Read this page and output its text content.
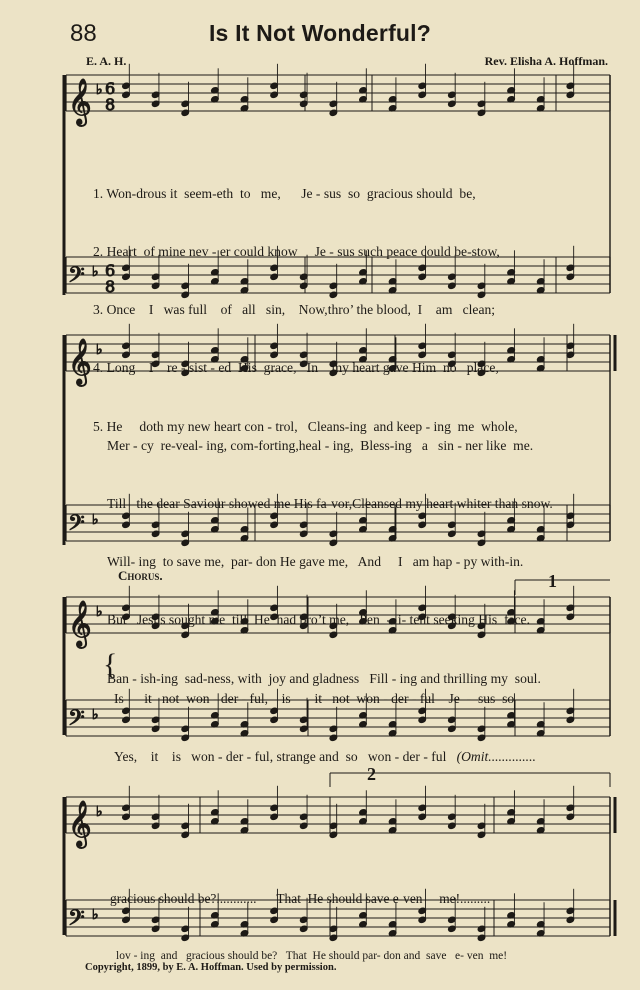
88	Is It Not Wonderful?
E. A. H.	Rev. Elisha A. Hoffman.
𝄞 ♭
𝄢 ♭
𝄞 ♭
𝄢 ♭
𝄞 ♭
𝄢 ♭
𝄞 ♭
𝄢 ♭
6
8
6
8

1. Won-drous it  seem-eth  to   me,      Je - sus  so  gracious should  be,

2. Heart  of mine nev - er could know     Je - sus such peace could be-stow,

3. Once    I   was full    of   all   sin,    Now,thro’ the blood,  I    am   clean;

4. Long    I    re - sist - ed  His  grace,   In    my heart gave Him  no   place,

5. He     doth my new heart con - trol,   Cleans-ing  and keep - ing  me  whole,

Mer - cy  re-veal- ing, com-forting,heal - ing,  Bless-ing   a   sin - ner like  me.

Till   the dear Saviour showed me His fa-vor,Cleansed my heart whiter than snow.

Will- ing  to save me,  par- don He gave me,   And     I   am hap - py with-in.

But   Jesus sought me  till  He  had bro’t me,   Pen  -  i- tent seeking His  face.

Ban - ish-ing  sad-ness, with  joy and gladness   Fill - ing and thrilling my  soul.

Chorus.	1
2
{

Is      it   not  won - der - ful,    is       it   not  won - der - ful    Je  -  sus  so

Yes,    it    is   won - der - ful, strange and  so   won - der - ful   (Omit..............

gracious should be?............      That  He should save e-ven     me!.........

lov - ing  and   gracious should be?   That  He should par- don and  save   e- ven  me!

Copyright, 1899, by E. A. Hoffman. Used by permission.
